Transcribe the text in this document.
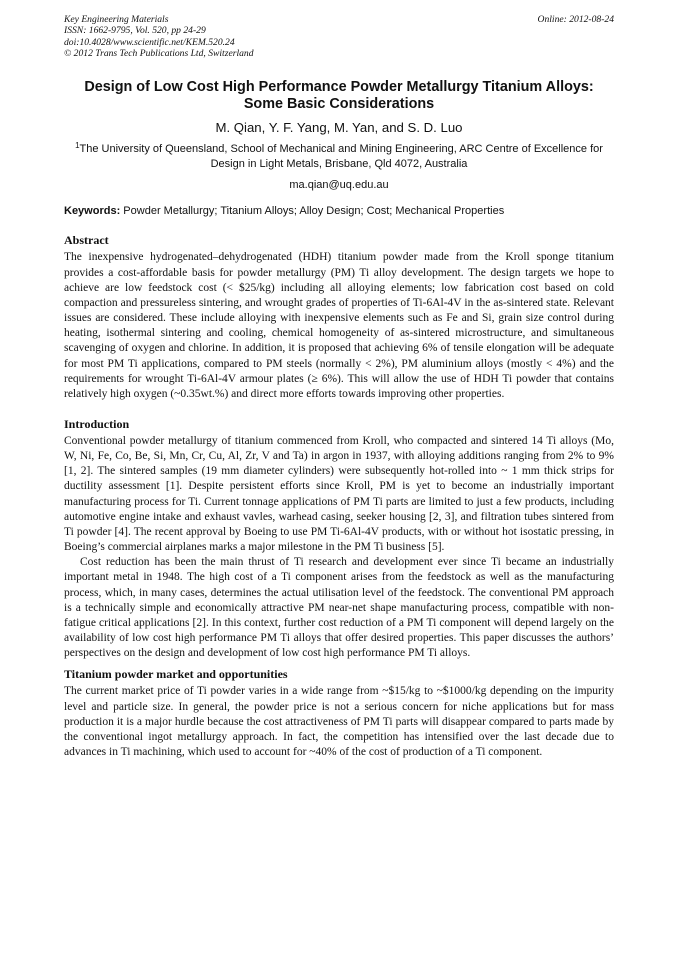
Key Engineering Materials
ISSN: 1662-9795, Vol. 520, pp 24-29
doi:10.4028/www.scientific.net/KEM.520.24
© 2012 Trans Tech Publications Ltd, Switzerland
Online: 2012-08-24
Design of Low Cost High Performance Powder Metallurgy Titanium Alloys: Some Basic Considerations
M. Qian, Y. F. Yang, M. Yan, and S. D. Luo
$^1$The University of Queensland, School of Mechanical and Mining Engineering, ARC Centre of Excellence for Design in Light Metals, Brisbane, Qld 4072, Australia
ma.qian@uq.edu.au
Keywords: Powder Metallurgy; Titanium Alloys; Alloy Design; Cost; Mechanical Properties
Abstract

The inexpensive hydrogenated–dehydrogenated (HDH) titanium powder made from the Kroll sponge titanium provides a cost-affordable basis for powder metallurgy (PM) Ti alloy development. The design targets we hope to achieve are low feedstock cost (< $25/kg) including all alloying elements; low fabrication cost based on cold compaction and pressureless sintering, and wrought grades of properties of Ti-6Al-4V in the as-sintered state. Relevant issues are considered. These include alloying with inexpensive elements such as Fe and Si, grain size control during heating, isothermal sintering and cooling, chemical homogeneity of as-sintered microstructure, and simultaneous scavenging of oxygen and chlorine. In addition, it is proposed that achieving 6% of tensile elongation will be adequate for most PM Ti applications, compared to PM steels (normally < 2%), PM aluminium alloys (mostly < 4%) and the requirements for wrought Ti-6Al-4V armour plates (≥ 6%). This will allow the use of HDH Ti powder that contains relatively high oxygen (~0.35wt.%) and direct more efforts towards improving other properties.

Introduction

Conventional powder metallurgy of titanium commenced from Kroll, who compacted and sintered 14 Ti alloys (Mo, W, Ni, Fe, Co, Be, Si, Mn, Cr, Cu, Al, Zr, V and Ta) in argon in 1937, with alloying additions ranging from 2% to 9% [1, 2]. The sintered samples (19 mm diameter cylinders) were subsequently hot-rolled into ~ 1 mm thick strips for ductility assessment [1]. Despite persistent efforts since Kroll, PM is yet to become an industrially important manufacturing process for Ti. Current tonnage applications of PM Ti parts are limited to just a few products, including automotive engine intake and exhaust vavles, warhead casing, seeker housing [2, 3], and filtration tubes sintered from Ti powder [4]. The recent approval by Boeing to use PM Ti-6Al-4V products, with or without hot isostatic pressing, in Boeing’s commercial airplanes marks a major milestone in the PM Ti business [5].

Cost reduction has been the main thrust of Ti research and development ever since Ti became an industrially important metal in 1948. The high cost of a Ti component arises from the feedstock as well as the manufacturing process, which, in many cases, determines the actual utilisation level of the feedstock. The conventional PM approach is a technically simple and economically attractive PM near-net shape manufacturing process, compatible with non-fatigue critical applications [2]. In this context, further cost reduction of a PM Ti component will depend largely on the availability of low cost high performance PM Ti alloys that offer desired properties. This paper discusses the authors’ perspectives on the design and development of low cost high performance PM Ti alloys.

Titanium powder market and opportunities

The current market price of Ti powder varies in a wide range from ~$15/kg to ~$1000/kg depending on the impurity level and particle size. In general, the powder price is not a serious concern for niche applications but for mass production it is a major hurdle because the cost attractiveness of PM Ti parts will disappear compared to parts made by the conventional ingot metallurgy approach. In fact, the competition has intensified over the last decade due to advances in Ti machining, which used to account for ~40% of the cost of production of a Ti component.
